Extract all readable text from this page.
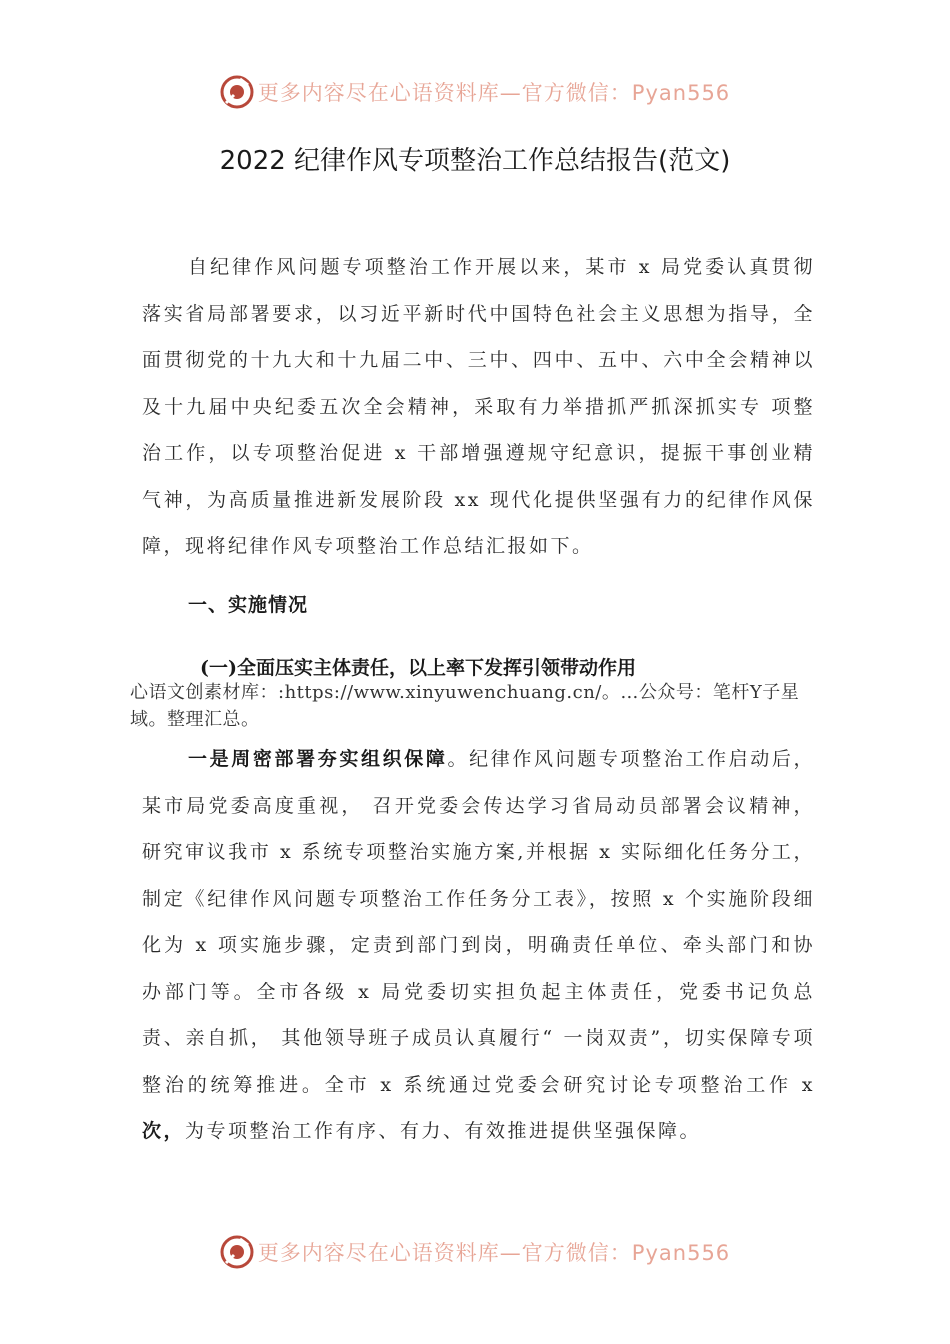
更多内容尽在心语资料库—官方微信：Pyan556
2022 纪律作风专项整治工作总结报告(范文)

自纪律作风问题专项整治工作开展以来，某市 x 局党委认真贯彻落实省局部署要求，以习近平新时代中国特色社会主义思想为指导，全面贯彻党的十九大和十九届二中、三中、四中、五中、六中全会精神以及十九届中央纪委五次全会精神，采取有力举措抓严抓深抓实专 项整治工作，以专项整治促进 x 干部增强遵规守纪意识，提振干事创业精气神，为高质量推进新发展阶段 xx 现代化提供坚强有力的纪律作风保障，现将纪律作风专项整治工作总结汇报如下。

一、实施情况
(一)全面压实主体责任，以上率下发挥引领带动作用

心语文创素材库：:https://www.xinyuwenchuang.cn/。…公众号：笔杆Y子星域。整理汇总。

一是周密部署夯实组织保障。纪律作风问题专项整治工作启动后，某市局党委高度重视， 召开党委会传达学习省局动员部署会议精神，研究审议我市 x 系统专项整治实施方案,并根据 x 实际细化任务分工，制定《纪律作风问题专项整治工作任务分工表》，按照 x 个实施阶段细化为 x 项实施步骤，定责到部门到岗，明确责任单位、牵头部门和协办部门等。全市各级 x 局党委切实担负起主体责任，党委书记负总责、亲自抓， 其他领导班子成员认真履行“ 一岗双责”，切实保障专项整治的统筹推进。全市 x 系统通过党委会研究讨论专项整治工作 x 次，为专项整治工作有序、有力、有效推进提供坚强保障。

更多内容尽在心语资料库—官方微信：Pyan556
